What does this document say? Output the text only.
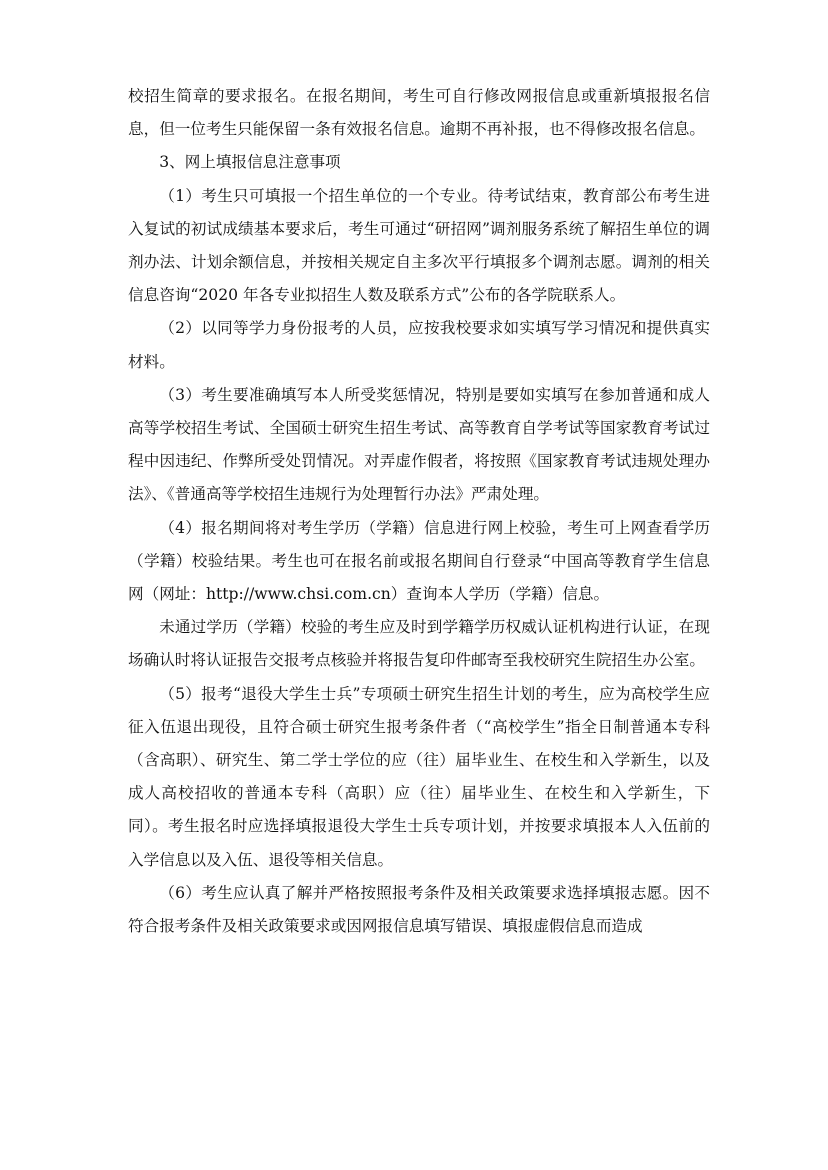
校招生简章的要求报名。在报名期间，考生可自行修改网报信息或重新填报报名信息，但一位考生只能保留一条有效报名信息。逾期不再补报，也不得修改报名信息。

3、网上填报信息注意事项

（1）考生只可填报一个招生单位的一个专业。待考试结束，教育部公布考生进入复试的初试成绩基本要求后，考生可通过“研招网”调剂服务系统了解招生单位的调剂办法、计划余额信息，并按相关规定自主多次平行填报多个调剂志愿。调剂的相关信息咨询“2020 年各专业拟招生人数及联系方式”公布的各学院联系人。

（2）以同等学力身份报考的人员，应按我校要求如实填写学习情况和提供真实材料。

（3）考生要准确填写本人所受奖惩情况，特别是要如实填写在参加普通和成人高等学校招生考试、全国硕士研究生招生考试、高等教育自学考试等国家教育考试过程中因违纪、作弊所受处罚情况。对弄虚作假者，将按照《国家教育考试违规处理办法》、《普通高等学校招生违规行为处理暂行办法》严肃处理。

（4）报名期间将对考生学历（学籍）信息进行网上校验，考生可上网查看学历（学籍）校验结果。考生也可在报名前或报名期间自行登录“中国高等教育学生信息网（网址：http://www.chsi.com.cn）查询本人学历（学籍）信息。

未通过学历（学籍）校验的考生应及时到学籍学历权威认证机构进行认证，在现场确认时将认证报告交报考点核验并将报告复印件邮寄至我校研究生院招生办公室。

（5）报考“退役大学生士兵”专项硕士研究生招生计划的考生，应为高校学生应征入伍退出现役，且符合硕士研究生报考条件者（“高校学生”指全日制普通本专科（含高职）、研究生、第二学士学位的应（往）届毕业生、在校生和入学新生，以及成人高校招收的普通本专科（高职）应（往）届毕业生、在校生和入学新生，下同）。考生报名时应选择填报退役大学生士兵专项计划，并按要求填报本人入伍前的入学信息以及入伍、退役等相关信息。

（6）考生应认真了解并严格按照报考条件及相关政策要求选择填报志愿。因不符合报考条件及相关政策要求或因网报信息填写错误、填报虚假信息而造成
